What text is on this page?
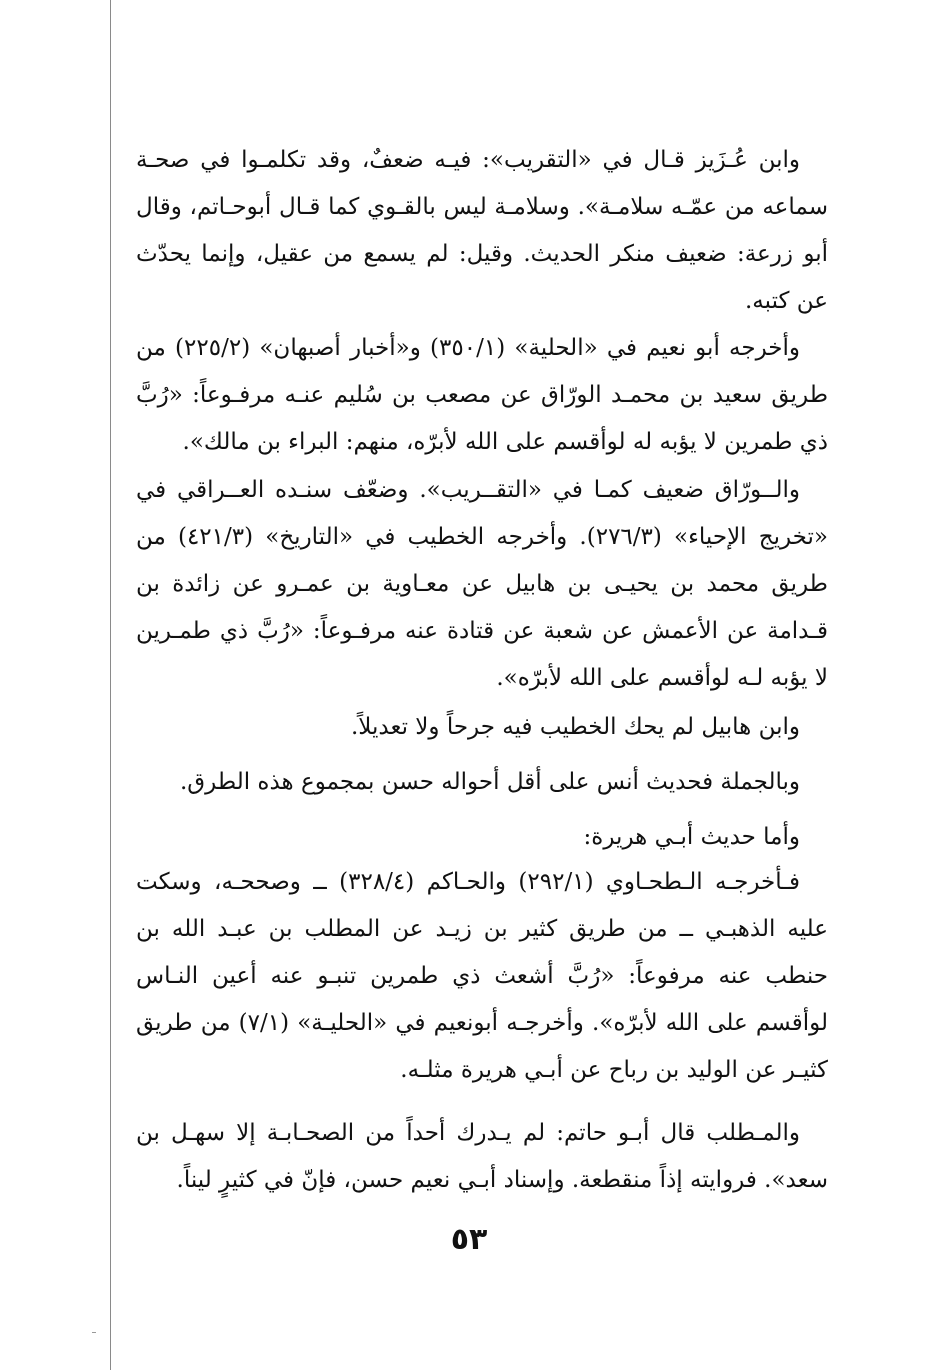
وابن عُـزَيز قـال في «التقريب»: فيـه ضعفٌ، وقد تكلمـوا في صحـة سماعه من عمّـه سلامـة». وسلامـة ليس بالقـوي كما قـال أبوحـاتم، وقال أبو زرعة: ضعيف منكر الحديث. وقيل: لم يسمع من عقيل، وإنما يحدّث عن كتبه.

وأخرجه أبو نعيم في «الحلية» (٣٥٠/١) و«أخبار أصبهان» (٢٢٥/٢) من طريق سعيد بن محمـد الورّاق عن مصعب بن سُليم عنـه مرفـوعاً: «رُبَّ ذي طمرين لا يؤبه له لوأقسم على الله لأبرّه، منهم: البراء بن مالك».

والــورّاق ضعيف كمـا في «التقــريب». وضعّف سنـده العــراقي في «تخريج الإحياء» (٢٧٦/٣). وأخرجه الخطيب في «التاريخ» (٤٢١/٣) من طريق محمد بن يحيـى بن هابيل عن معـاوية بن عمـرو عن زائدة بن قـدامة عن الأعمش عن شعبة عن قتادة عنه مرفـوعاً: «رُبَّ ذي طمـرين لا يؤبه لـه لوأقسم على الله لأبرّه».

وابن هابيل لم يحك الخطيب فيه جرحاً ولا تعديلاً.

وبالجملة فحديث أنس على أقل أحواله حسن بمجموع هذه الطرق.

وأما حديث أبـي هريرة:

فـأخرجـه الـطحـاوي (٢٩٢/١) والحـاكم (٣٢٨/٤) ــ وصححـه، وسكت عليه الذهبـي ــ من طريق كثير بن زيـد عن المطلب بن عبـد الله بن حنطب عنه مرفوعاً: «رُبَّ أشعث ذي طمرين تنبـو عنه أعين النـاس لوأقسم على الله لأبرّه». وأخرجـه أبونعيم في «الحليـة» (٧/١) من طريق كثيـر عن الوليد بن رباح عن أبـي هريرة مثلـه.

والمـطلب قال أبـو حاتم: لم يـدرك أحداً من الصحـابـة إلا سهـل بن سعد». فروايته إذاً منقطعة. وإسناد أبـي نعيم حسن، فإنّ في كثيرٍ ليناً.

٥٣
